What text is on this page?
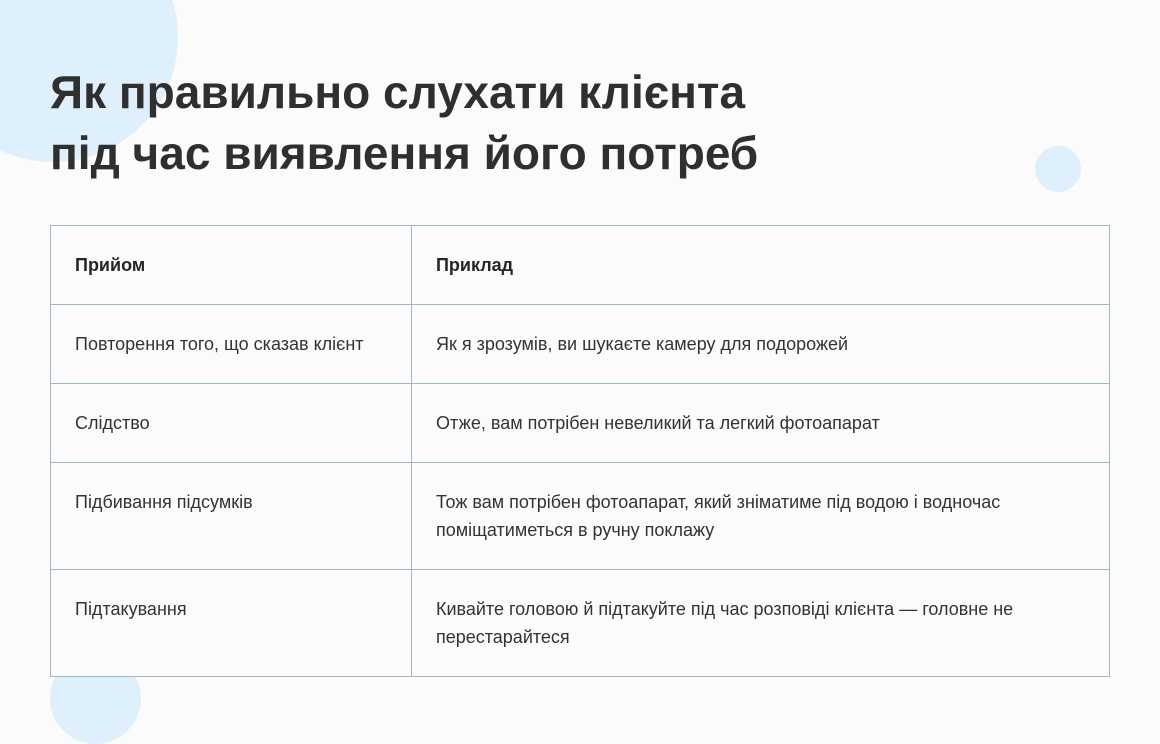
Як правильно слухати клієнта
під час виявлення його потреб
Прийом	Приклад
Повторення того, що сказав клієнт	Як я зрозумів, ви шукаєте камеру для подорожей
Слідство	Отже, вам потрібен невеликий та легкий фотоапарат
Підбивання підсумків	Тож вам потрібен фотоапарат, який зніматиме під водою і водночас поміщатиметься в ручну поклажу
Підтакування	Кивайте головою й підтакуйте під час розповіді клієнта — головне не перестарайтеся
